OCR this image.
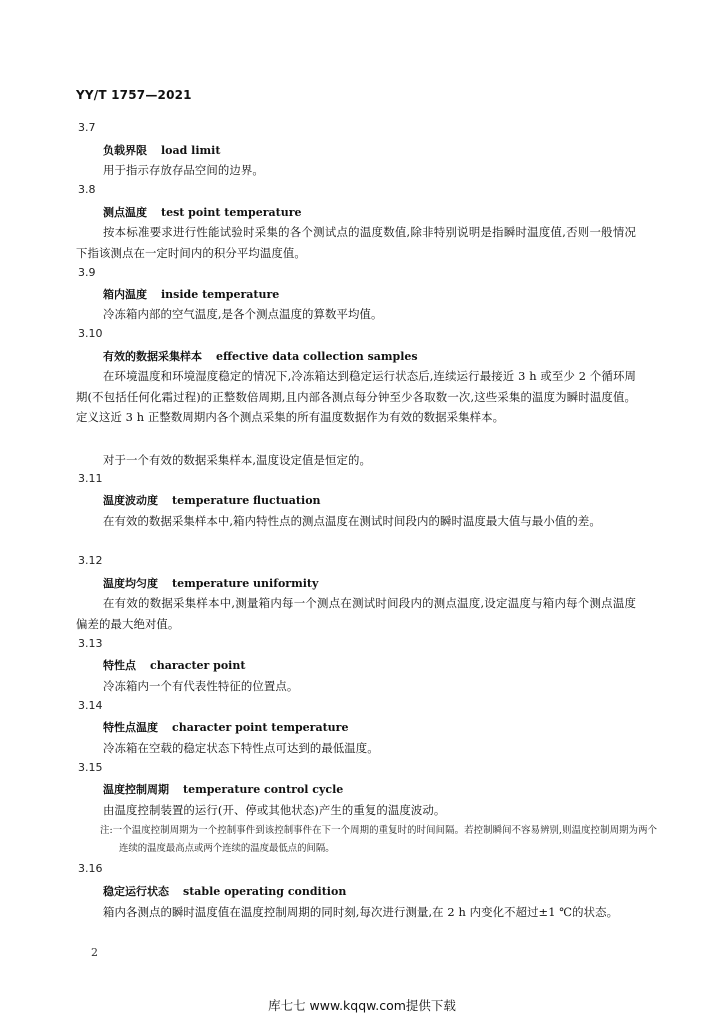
YY/T 1757—2021
3.7
负载界限 load limit
用于指示存放存品空间的边界。
3.8
测点温度 test point temperature
按本标准要求进行性能试验时采集的各个测试点的温度数值,除非特别说明是指瞬时温度值,否则一般情况下指该测点在一定时间内的积分平均温度值。
3.9
箱内温度 inside temperature
冷冻箱内部的空气温度,是各个测点温度的算数平均值。
3.10
有效的数据采集样本 effective data collection samples
在环境温度和环境湿度稳定的情况下,冷冻箱达到稳定运行状态后,连续运行最接近 3 h 或至少 2 个循环周期(不包括任何化霜过程)的正整数倍周期,且内部各测点每分钟至少各取数一次,这些采集的温度为瞬时温度值。定义这近 3 h 正整数周期内各个测点采集的所有温度数据作为有效的数据采集样本。
对于一个有效的数据采集样本,温度设定值是恒定的。
3.11
温度波动度 temperature fluctuation
在有效的数据采集样本中,箱内特性点的测点温度在测试时间段内的瞬时温度最大值与最小值的差。
3.12
温度均匀度 temperature uniformity
在有效的数据采集样本中,测量箱内每一个测点在测试时间段内的测点温度,设定温度与箱内每个测点温度偏差的最大绝对值。
3.13
特性点 character point
冷冻箱内一个有代表性特征的位置点。
3.14
特性点温度 character point temperature
冷冻箱在空载的稳定状态下特性点可达到的最低温度。
3.15
温度控制周期 temperature control cycle
由温度控制装置的运行(开、停或其他状态)产生的重复的温度波动。
注:一个温度控制周期为一个控制事件到该控制事件在下一个周期的重复时的时间间隔。若控制瞬间不容易辨别,则温度控制周期为两个连续的温度最高点或两个连续的温度最低点的间隔。
3.16
稳定运行状态 stable operating condition
箱内各测点的瞬时温度值在温度控制周期的同时刻,每次进行测量,在 2 h 内变化不超过±1 ℃的状态。
2
库七七 www.kqqw.com提供下载
